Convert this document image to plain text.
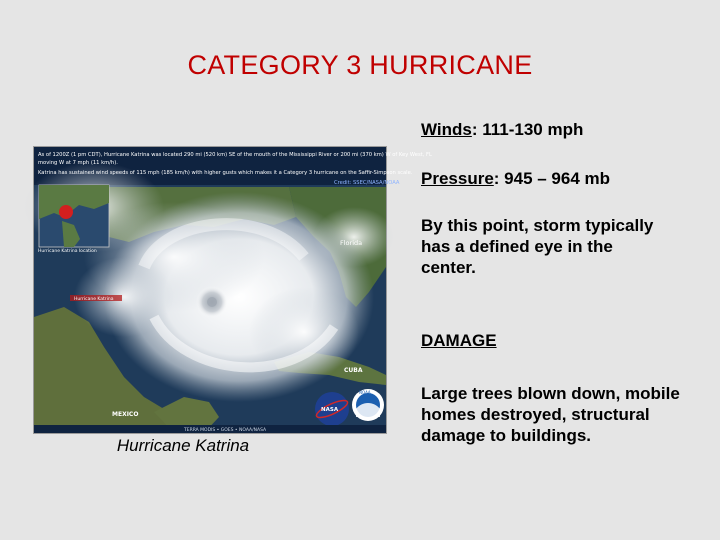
CATEGORY 3 HURRICANE
As of 1200Z (1 pm CDT), Hurricane Katrina was located 290 mi (520 km) SE of the mouth of the Mississippi River or 200 mi (370 km) W of Key West, FL
moving W at 7 mph (11 km/h).
Katrina has sustained wind speeds of 115 mph (185 km/h) with higher gusts which makes it a Category 3 hurricane on the Saffir-Simpson scale.
Credit: SSEC/NASA/NOAA
Hurricane Katrina location
Hurricane Katrina
Florida
CUBA
MEXICO
NASA
NOAA
TERRA MODIS • GOES • NOAA/NASA
Hurricane Katrina
Winds: 111-130 mph
Pressure: 945 – 964 mb
By this point, storm typically has a defined eye in the center.
DAMAGE
Large trees blown down, mobile homes destroyed, structural damage to buildings.
